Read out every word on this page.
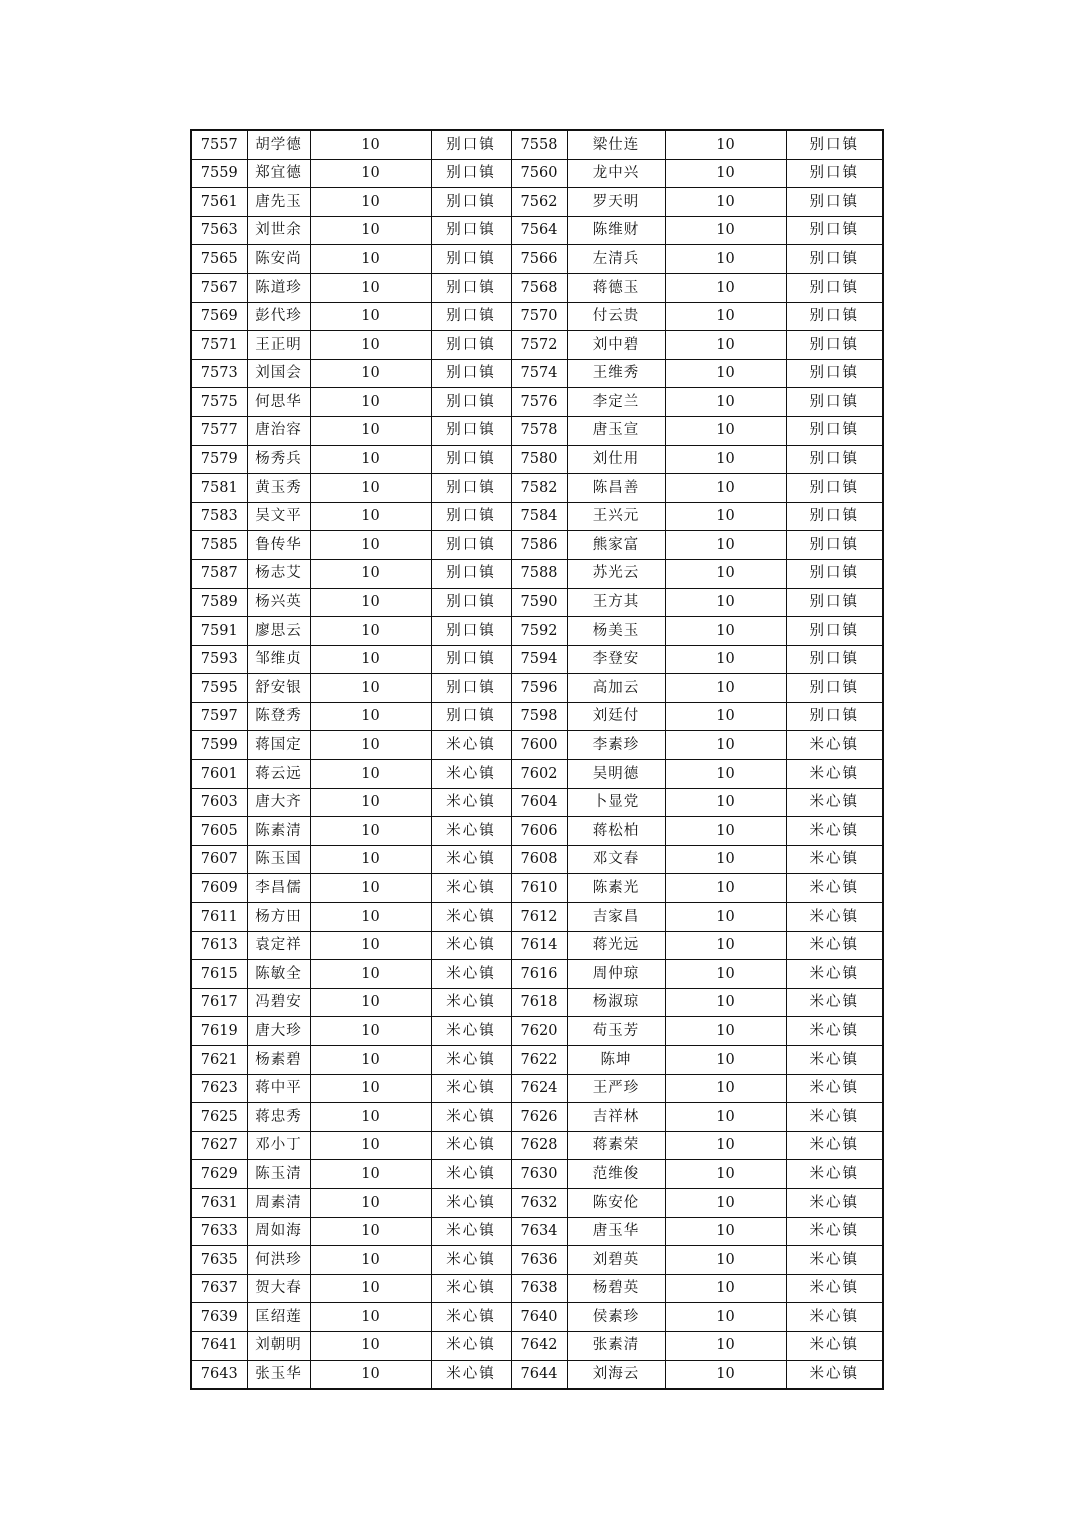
7557	胡学德	10	别口镇	7558	梁仕连	10	别口镇
7559	郑宜德	10	别口镇	7560	龙中兴	10	别口镇
7561	唐先玉	10	别口镇	7562	罗天明	10	别口镇
7563	刘世余	10	别口镇	7564	陈维财	10	别口镇
7565	陈安尚	10	别口镇	7566	左清兵	10	别口镇
7567	陈道珍	10	别口镇	7568	蒋德玉	10	别口镇
7569	彭代珍	10	别口镇	7570	付云贵	10	别口镇
7571	王正明	10	别口镇	7572	刘中碧	10	别口镇
7573	刘国会	10	别口镇	7574	王维秀	10	别口镇
7575	何思华	10	别口镇	7576	李定兰	10	别口镇
7577	唐治容	10	别口镇	7578	唐玉宣	10	别口镇
7579	杨秀兵	10	别口镇	7580	刘仕用	10	别口镇
7581	黄玉秀	10	别口镇	7582	陈昌善	10	别口镇
7583	吴文平	10	别口镇	7584	王兴元	10	别口镇
7585	鲁传华	10	别口镇	7586	熊家富	10	别口镇
7587	杨志艾	10	别口镇	7588	苏光云	10	别口镇
7589	杨兴英	10	别口镇	7590	王方其	10	别口镇
7591	廖思云	10	别口镇	7592	杨美玉	10	别口镇
7593	邹维贞	10	别口镇	7594	李登安	10	别口镇
7595	舒安银	10	别口镇	7596	高加云	10	别口镇
7597	陈登秀	10	别口镇	7598	刘廷付	10	别口镇
7599	蒋国定	10	米心镇	7600	李素珍	10	米心镇
7601	蒋云远	10	米心镇	7602	吴明德	10	米心镇
7603	唐大齐	10	米心镇	7604	卜显党	10	米心镇
7605	陈素清	10	米心镇	7606	蒋松柏	10	米心镇
7607	陈玉国	10	米心镇	7608	邓文春	10	米心镇
7609	李昌儒	10	米心镇	7610	陈素光	10	米心镇
7611	杨方田	10	米心镇	7612	吉家昌	10	米心镇
7613	袁定祥	10	米心镇	7614	蒋光远	10	米心镇
7615	陈敏全	10	米心镇	7616	周仲琼	10	米心镇
7617	冯碧安	10	米心镇	7618	杨淑琼	10	米心镇
7619	唐大珍	10	米心镇	7620	苟玉芳	10	米心镇
7621	杨素碧	10	米心镇	7622	陈坤	10	米心镇
7623	蒋中平	10	米心镇	7624	王严珍	10	米心镇
7625	蒋忠秀	10	米心镇	7626	吉祥林	10	米心镇
7627	邓小丁	10	米心镇	7628	蒋素荣	10	米心镇
7629	陈玉清	10	米心镇	7630	范维俊	10	米心镇
7631	周素清	10	米心镇	7632	陈安伦	10	米心镇
7633	周如海	10	米心镇	7634	唐玉华	10	米心镇
7635	何洪珍	10	米心镇	7636	刘碧英	10	米心镇
7637	贺大春	10	米心镇	7638	杨碧英	10	米心镇
7639	匡绍莲	10	米心镇	7640	侯素珍	10	米心镇
7641	刘朝明	10	米心镇	7642	张素清	10	米心镇
7643	张玉华	10	米心镇	7644	刘海云	10	米心镇
